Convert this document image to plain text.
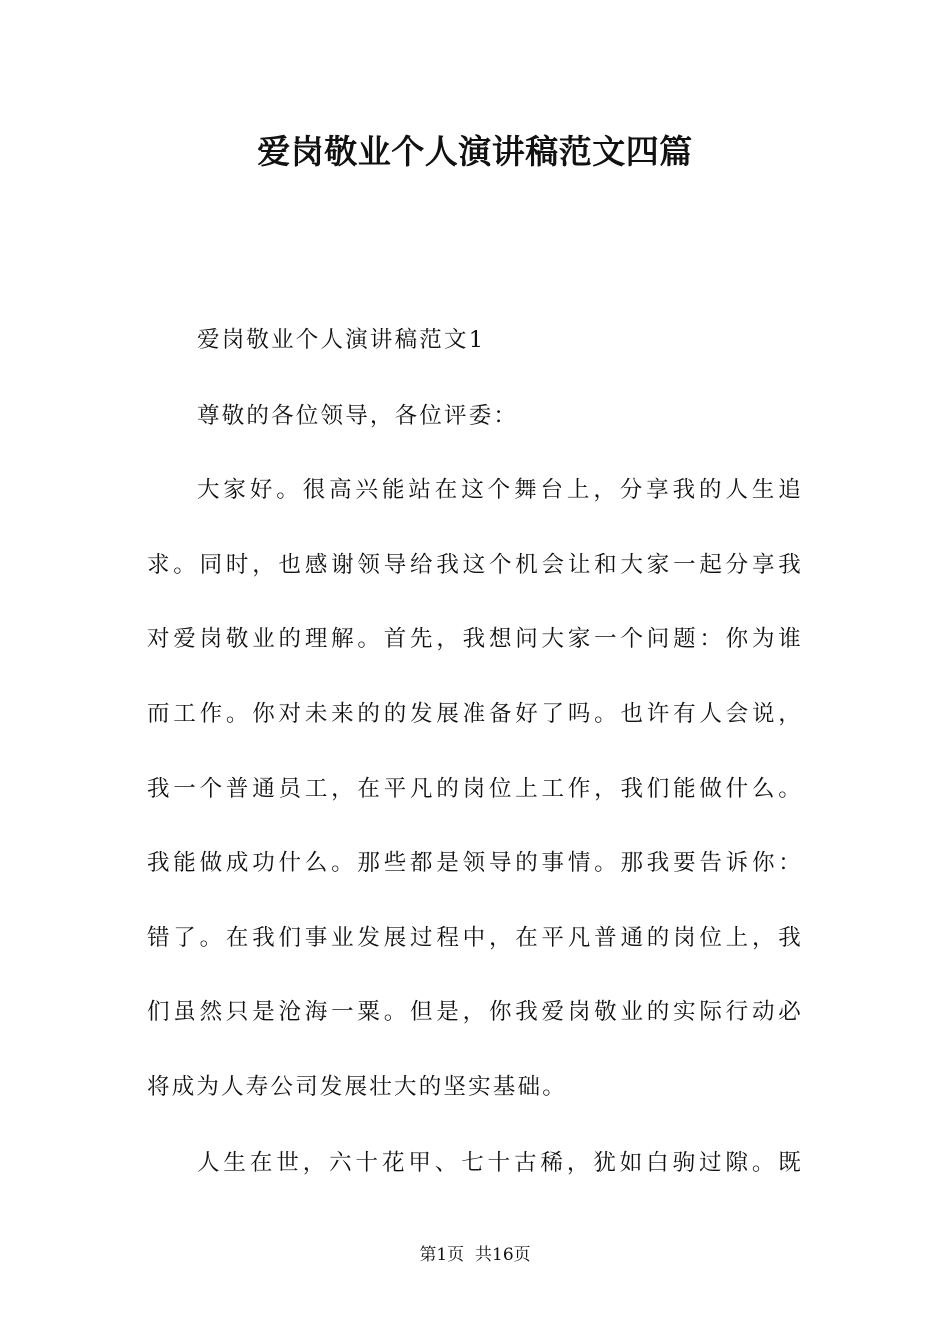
爱岗敬业个人演讲稿范文四篇
爱岗敬业个人演讲稿范文1
尊敬的各位领导，各位评委：
大家好。很高兴能站在这个舞台上，分享我的人生追
求。同时，也感谢领导给我这个机会让和大家一起分享我
对爱岗敬业的理解。首先，我想问大家一个问题：你为谁
而工作。你对未来的的发展准备好了吗。也许有人会说，
我一个普通员工，在平凡的岗位上工作，我们能做什么。
我能做成功什么。那些都是领导的事情。那我要告诉你：
错了。在我们事业发展过程中，在平凡普通的岗位上，我
们虽然只是沧海一粟。但是，你我爱岗敬业的实际行动必
将成为人寿公司发展壮大的坚实基础。
人生在世，六十花甲、七十古稀，犹如白驹过隙。既
第1页 共16页
